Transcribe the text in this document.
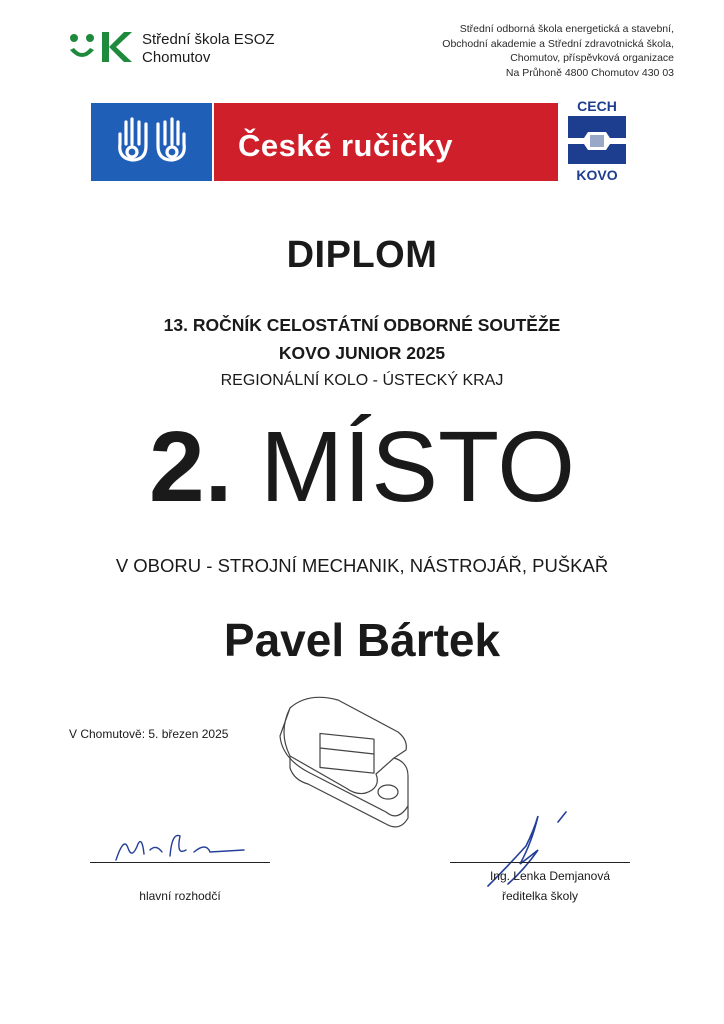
Střední škola ESOZ
Chomutov
Střední odborná škola energetická a stavební,
Obchodní akademie a Střední zdravotnická škola,
Chomutov, příspěvková organizace
Na Průhoně 4800 Chomutov 430 03
České ručičky
CECH
KOVO
DIPLOM
13. ROČNÍK CELOSTÁTNÍ ODBORNÉ SOUTĚŽE
KOVO JUNIOR 2025
REGIONÁLNÍ KOLO - ÚSTECKÝ KRAJ
2. MÍSTO
V OBORU - STROJNÍ MECHANIK, NÁSTROJÁŘ, PUŠKAŘ
Pavel Bártek
V Chomutově: 5. březen 2025
hlavní rozhodčí
Ing. Lenka Demjanová
ředitelka školy
